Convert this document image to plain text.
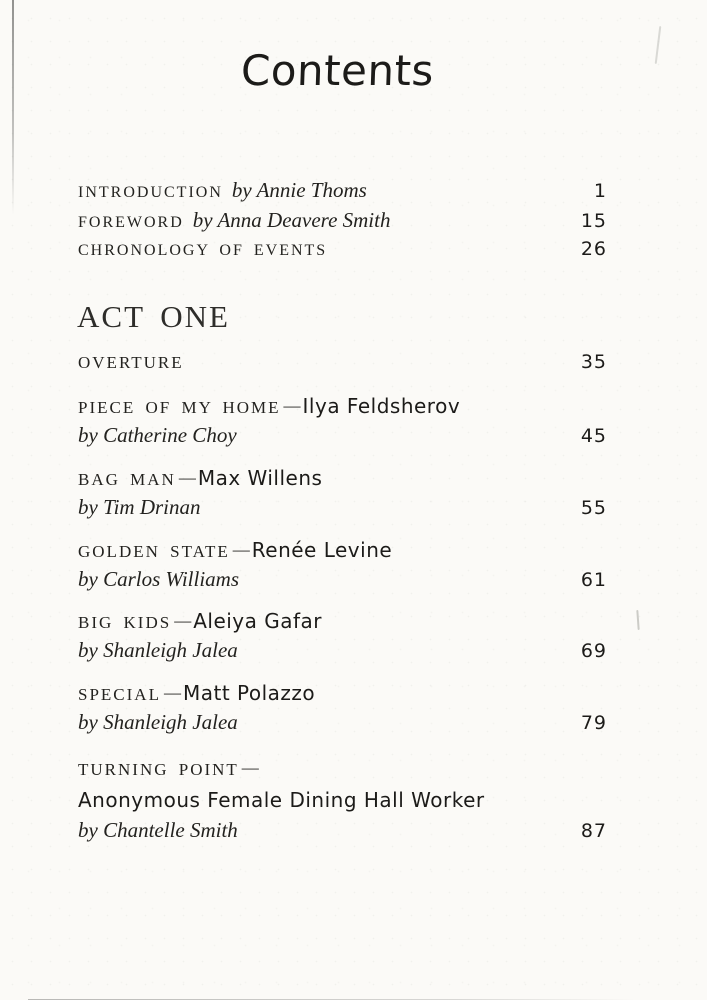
Contents
INTRODUCTION by Annie Thoms	1
FOREWORD by Anna Deavere Smith	15
CHRONOLOGY OF EVENTS	26
ACT ONE
OVERTURE	35
PIECE OF MY HOME — Ilya Feldsherov
by Catherine Choy	45
BAG MAN — Max Willens
by Tim Drinan	55
GOLDEN STATE — Renée Levine
by Carlos Williams	61
BIG KIDS — Aleiya Gafar
by Shanleigh Jalea	69
SPECIAL — Matt Polazzo
by Shanleigh Jalea	79
TURNING POINT —
Anonymous Female Dining Hall Worker
by Chantelle Smith	87
